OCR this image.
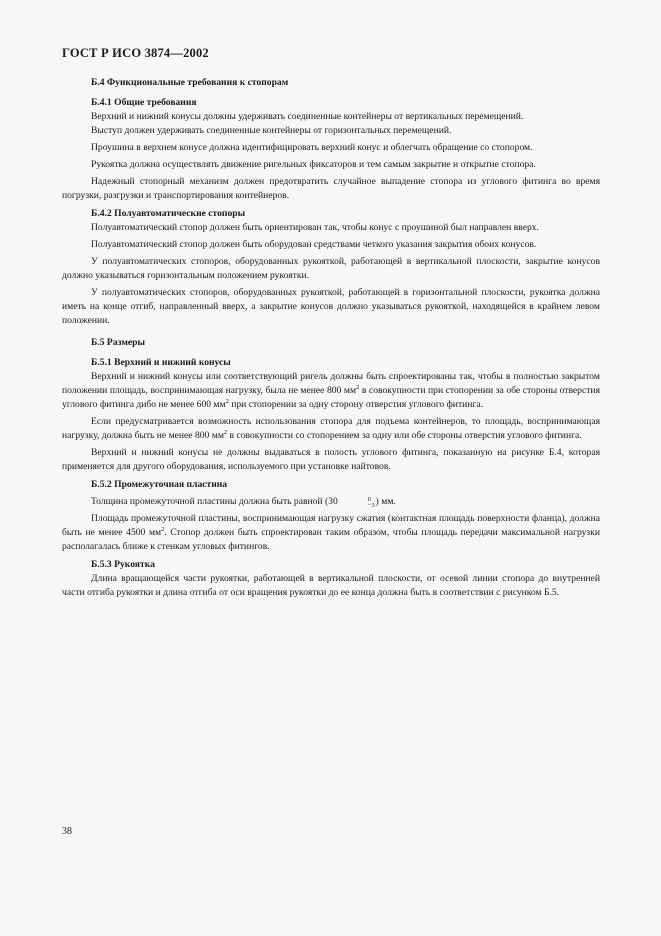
ГОСТ Р ИСО 3874—2002
Б.4 Функциональные требования к стопорам
Б.4.1 Общие требования

Верхний и нижний конусы должны удерживать соединенные контейнеры от вертикальных перемещений.

Выступ должен удерживать соединенные контейнеры от горизонтальных перемещений.

Проушина в верхнем конусе должна идентифицировать верхний конус и облегчать обращение со стопором.

Рукоятка должна осуществлять движение ригельных фиксаторов и тем самым закрытие и открытие стопора.

Надежный стопорный механизм должен предотвратить случайное выпадение стопора из углового фитинга во время погрузки, разгрузки и транспортирования контейнеров.

Б.4.2 Полуавтоматические стопоры

Полуавтоматический стопор должен быть ориентирован так, чтобы конус с проушиной был направлен вверх.

Полуавтоматический стопор должен быть оборудован средствами четкого указания закрытия обоих конусов.

У полуавтоматических стопоров, оборудованных рукояткой, работающей в вертикальной плоскости, закрытие конусов должно указываться горизонтальным положением рукоятки.

У полуавтоматических стопоров, оборудованных рукояткой, работающей в горизонтальной плоскости, рукоятка должна иметь на конце отгиб, направленный вверх, а закрытие конусов должно указываться рукояткой, находящейся в крайнем левом положении.

Б.5 Размеры
Б.5.1 Верхний и нижний конусы

Верхний и нижний конусы или соответствующий ригель должны быть спроектированы так, чтобы в полностью закрытом положении площадь, воспринимающая нагрузку, была не менее 800 $мм^2$ в совокупности при стопорении за обе стороны отверстия углового фитинга дибо не менее 600 $мм^2$ при стопорении за одну сторону отверстия углового фитинга.

Если предусматривается возможность использования стопора для подъема контейнеров, то площадь, воспринимающая нагрузку, должна быть не менее 800 $мм^2$ в совокупности со стопорением за одну или обе стороны отверстия углового фитинга.

Верхний и нижний конусы не должны выдаваться в полость углового фитинга, показанную на рисунке Б.4, которая применяется для другого оборудования, используемого при установке найтовов.

Б.5.2 Промежуточная пластина

Толщина промежуточной пластины должна быть равной (30	0
−3 ) мм.

Площадь промежуточной пластины, воспринимающая нагрузку сжатия (контактная площадь поверхности фланца), должна быть не менее 4500 $мм^2$. Стопор должен быть спроектирован таким образом, чтобы площадь передачи максимальной нагрузки располагалась ближе к стенкам угловых фитингов.

Б.5.3 Рукоятка

Длина вращающейся части рукоятки, работающей в вертикальной плоскости, от осевой линии стопора до внутренней части отгиба рукоятки и длина отгиба от оси вращения рукоятки до ее конца должна быть в соответствии с рисунком Б.5.

38
